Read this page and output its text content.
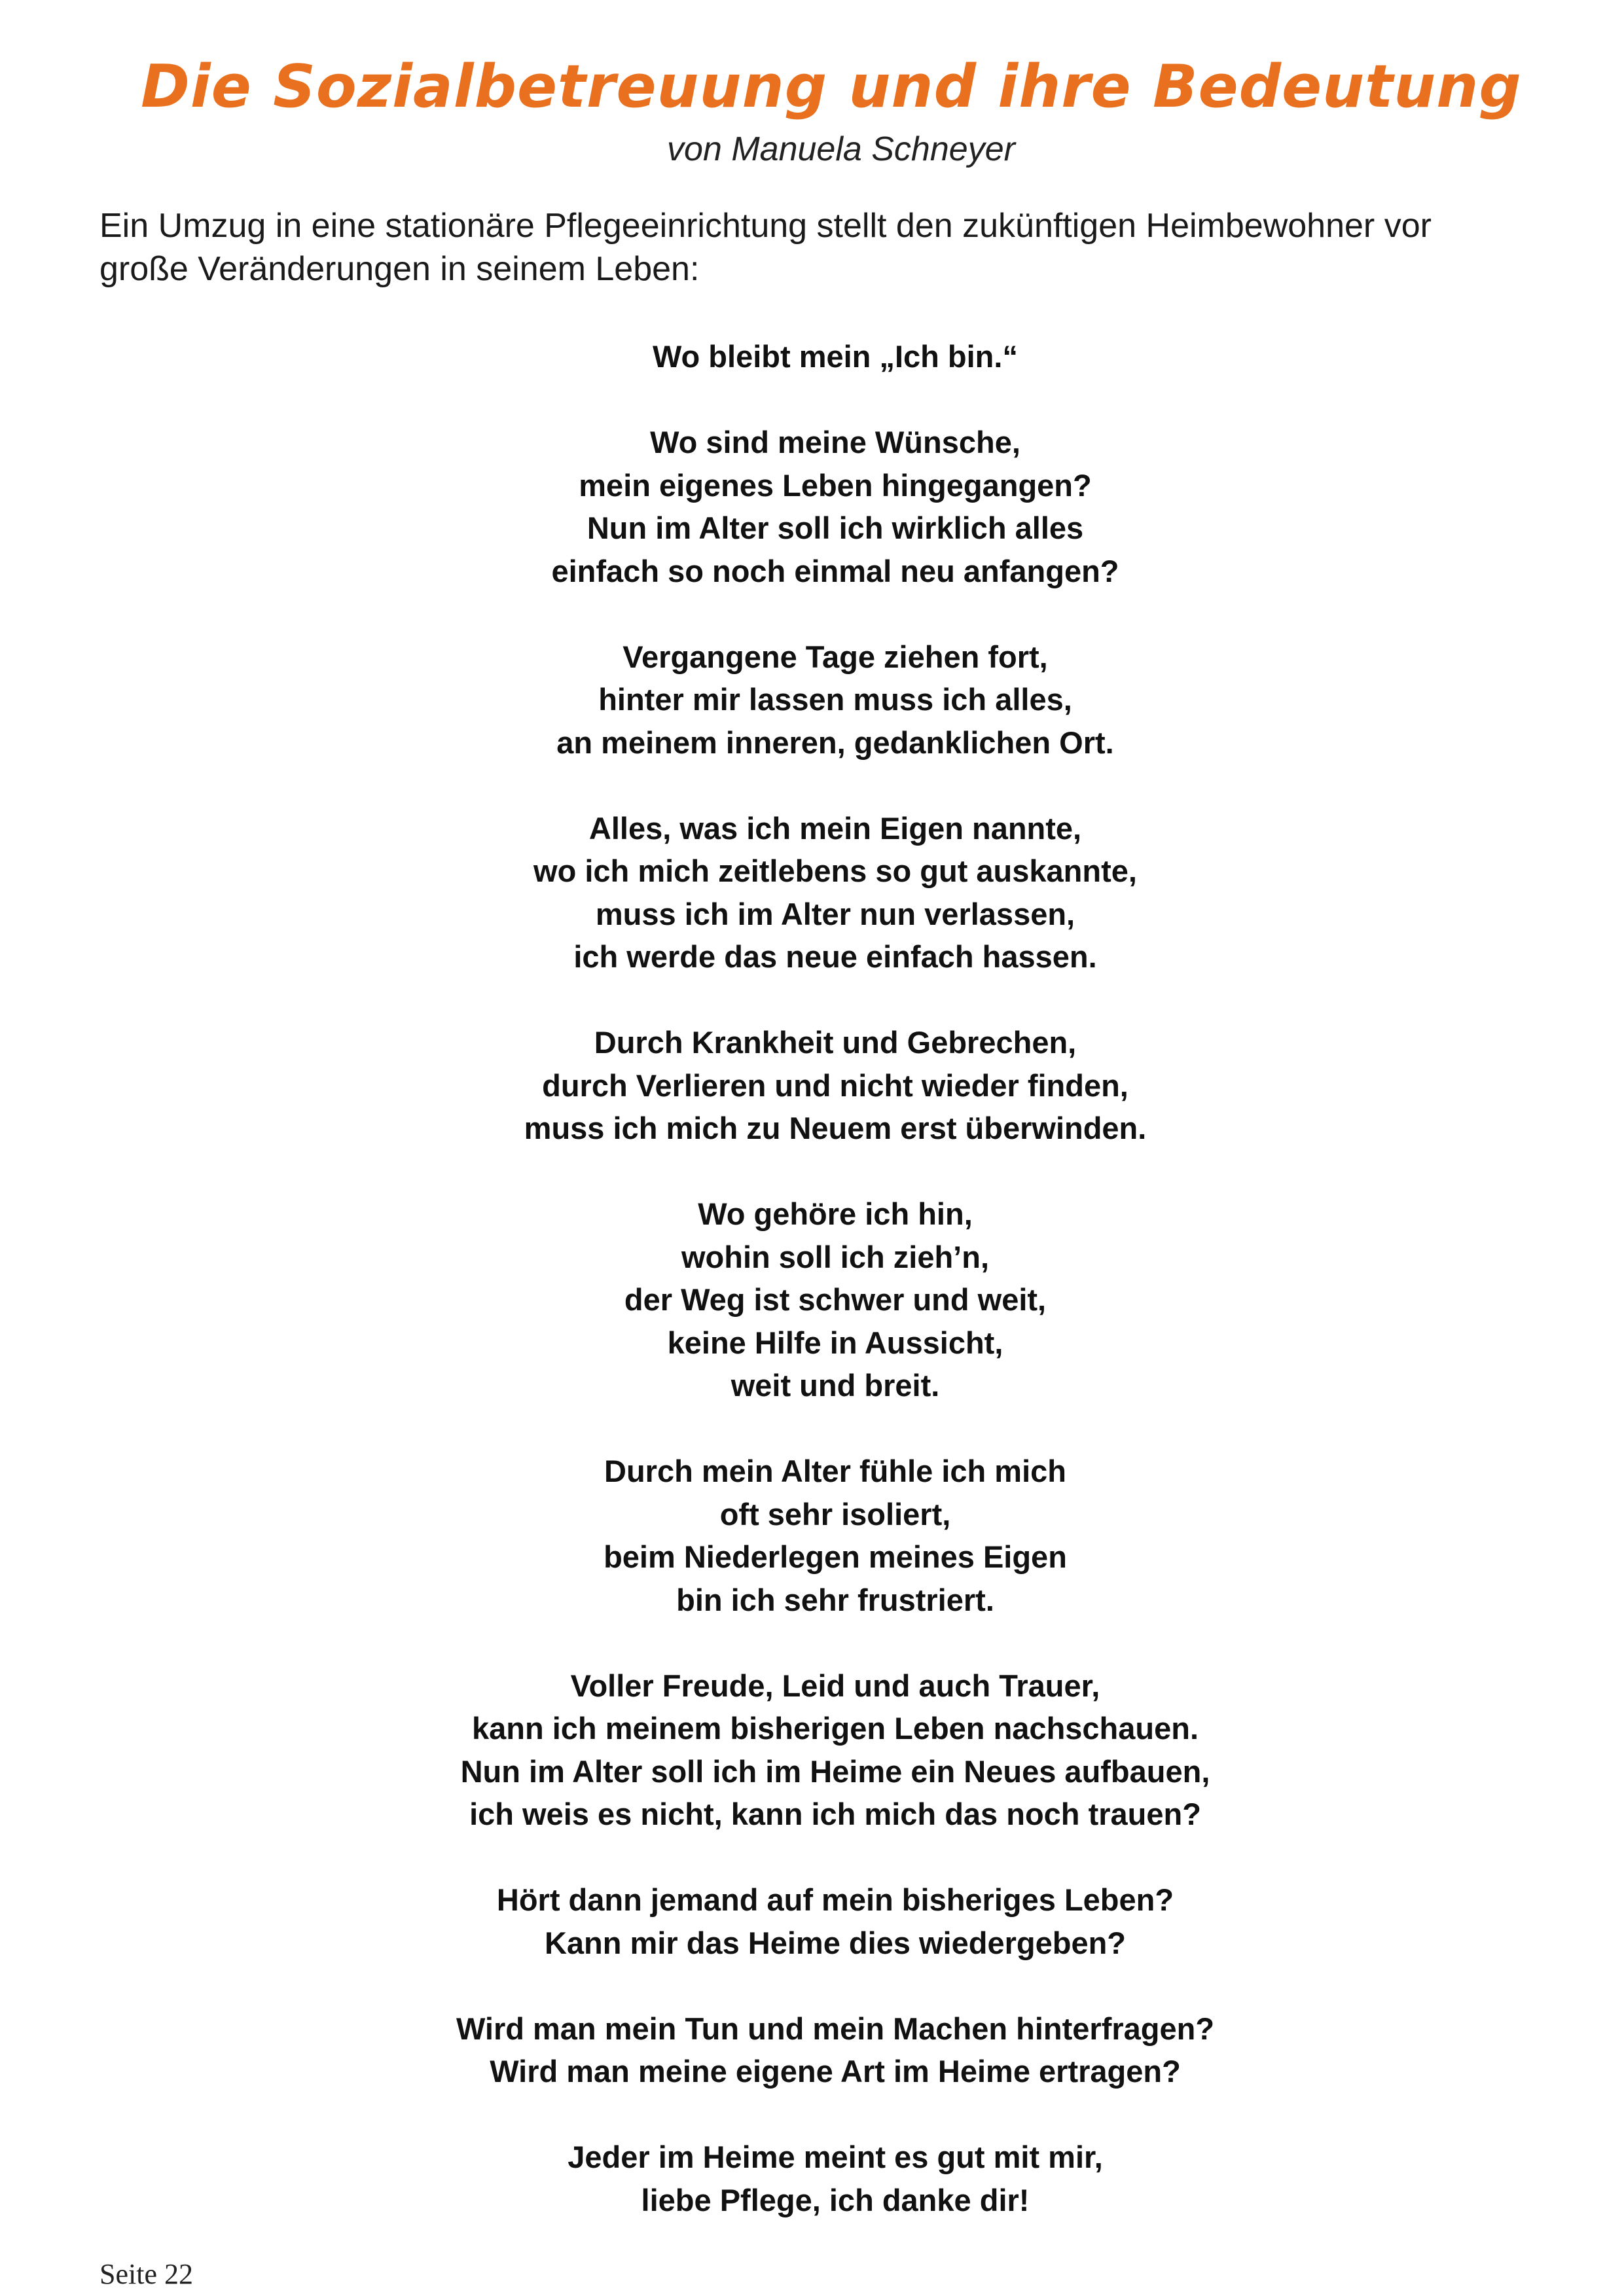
Die Sozialbetreuung und ihre Bedeutung
von Manuela Schneyer
Ein Umzug in eine stationäre Pflegeeinrichtung stellt den zukünftigen Heimbewohner vor
große Veränderungen in seinem Leben:
Wo bleibt mein „Ich bin.“
Wo sind meine Wünsche,
mein eigenes Leben hingegangen?
Nun im Alter soll ich wirklich alles
einfach so noch einmal neu anfangen?
Vergangene Tage ziehen fort,
hinter mir lassen muss ich alles,
an meinem inneren, gedanklichen Ort.
Alles, was ich mein Eigen nannte,
wo ich mich zeitlebens so gut auskannte,
muss ich im Alter nun verlassen,
ich werde das neue einfach hassen.
Durch Krankheit und Gebrechen,
durch Verlieren und nicht wieder finden,
muss ich mich zu Neuem erst überwinden.
Wo gehöre ich hin,
wohin soll ich zieh’n,
der Weg ist schwer und weit,
keine Hilfe in Aussicht,
weit und breit.
Durch mein Alter fühle ich mich
oft sehr isoliert,
beim Niederlegen meines Eigen
bin ich sehr frustriert.
Voller Freude, Leid und auch Trauer,
kann ich meinem bisherigen Leben nachschauen.
Nun im Alter soll ich im Heime ein Neues aufbauen,
ich weis es nicht, kann ich mich das noch trauen?
Hört dann jemand auf mein bisheriges Leben?
Kann mir das Heime dies wiedergeben?
Wird man mein Tun und mein Machen hinterfragen?
Wird man meine eigene Art im Heime ertragen?
Jeder im Heime meint es gut mit mir,
liebe Pflege, ich danke dir!
Seite 22
